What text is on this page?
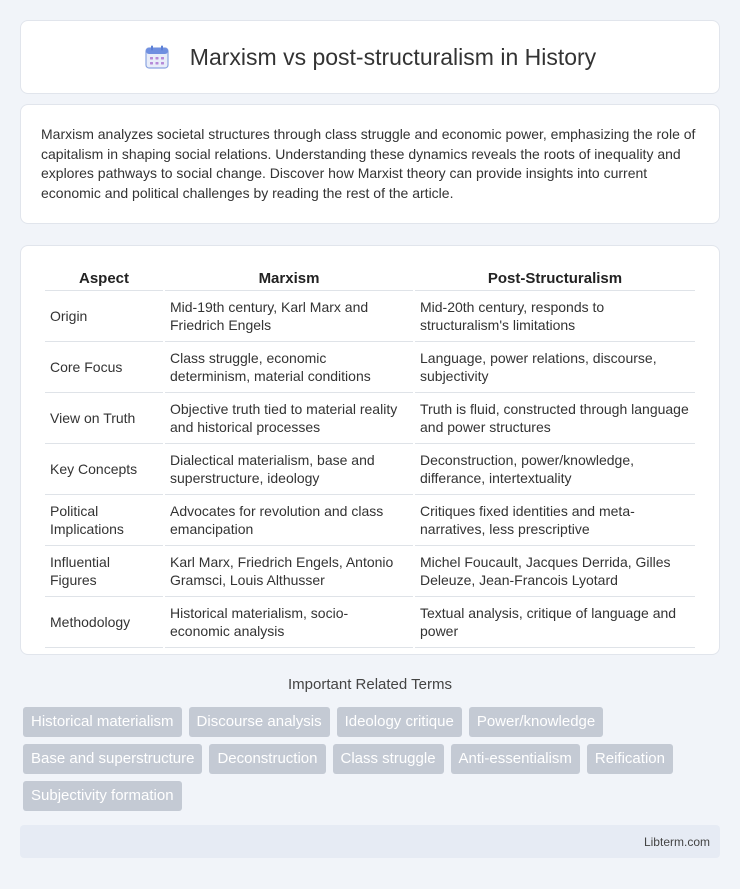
Marxism vs post-structuralism in History

Marxism analyzes societal structures through class struggle and economic power, emphasizing the role of capitalism in shaping social relations. Understanding these dynamics reveals the roots of inequality and explores pathways to social change. Discover how Marxist theory can provide insights into current economic and political challenges by reading the rest of the article.

Aspect	Marxism	Post-Structuralism
Origin	Mid-19th century, Karl Marx and Friedrich Engels	Mid-20th century, responds to structuralism's limitations
Core Focus	Class struggle, economic determinism, material conditions	Language, power relations, discourse, subjectivity
View on Truth	Objective truth tied to material reality and historical processes	Truth is fluid, constructed through language and power structures
Key Concepts	Dialectical materialism, base and superstructure, ideology	Deconstruction, power/knowledge, differance, intertextuality
Political Implications	Advocates for revolution and class emancipation	Critiques fixed identities and meta-narratives, less prescriptive
Influential Figures	Karl Marx, Friedrich Engels, Antonio Gramsci, Louis Althusser	Michel Foucault, Jacques Derrida, Gilles Deleuze, Jean-Francois Lyotard
Methodology	Historical materialism, socio-economic analysis	Textual analysis, critique of language and power
Important Related Terms
Historical materialism	Discourse analysis	Ideology critique	Power/knowledge
Base and superstructure	Deconstruction	Class struggle	Anti-essentialism	Reification
Subjectivity formation
Libterm.com
